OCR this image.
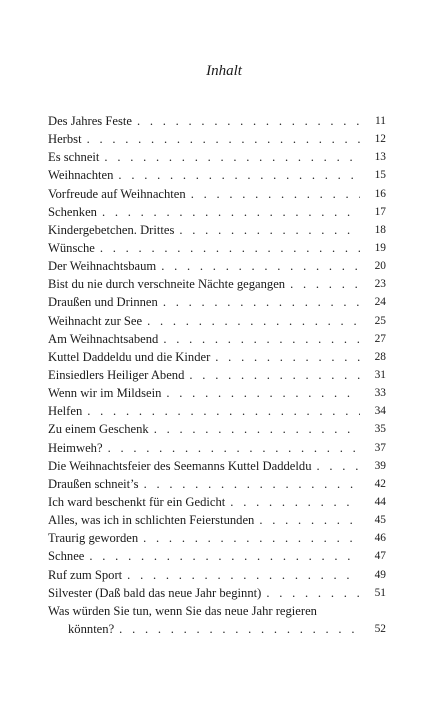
Inhalt
Des Jahres Feste . . .	11
Herbst . . .	12
Es schneit . . .	13
Weihnachten . . .	15
Vorfreude auf Weihnachten . . .	16
Schenken . . .	17
Kindergebetchen. Drittes . . .	18
Wünsche . . .	19
Der Weihnachtsbaum . . .	20
Bist du nie durch verschneite Nächte gegangen . . .	23
Draußen und Drinnen . . .	24
Weihnacht zur See . . .	25
Am Weihnachtsabend . . .	27
Kuttel Daddeldu und die Kinder . . .	28
Einsiedlers Heiliger Abend . . .	31
Wenn wir im Mildsein . . .	33
Helfen . . .	34
Zu einem Geschenk . . .	35
Heimweh? . . .	37
Die Weihnachtsfeier des Seemanns Kuttel Daddeldu . . .	39
Draußen schneit’s . . .	42
Ich ward beschenkt für ein Gedicht . . .	44
Alles, was ich in schlichten Feierstunden . . .	45
Traurig geworden . . .	46
Schnee . . .	47
Ruf zum Sport . . .	49
Silvester (Daß bald das neue Jahr beginnt) . . .	51
Was würden Sie tun, wenn Sie das neue Jahr regieren
könnten? . . .	52
